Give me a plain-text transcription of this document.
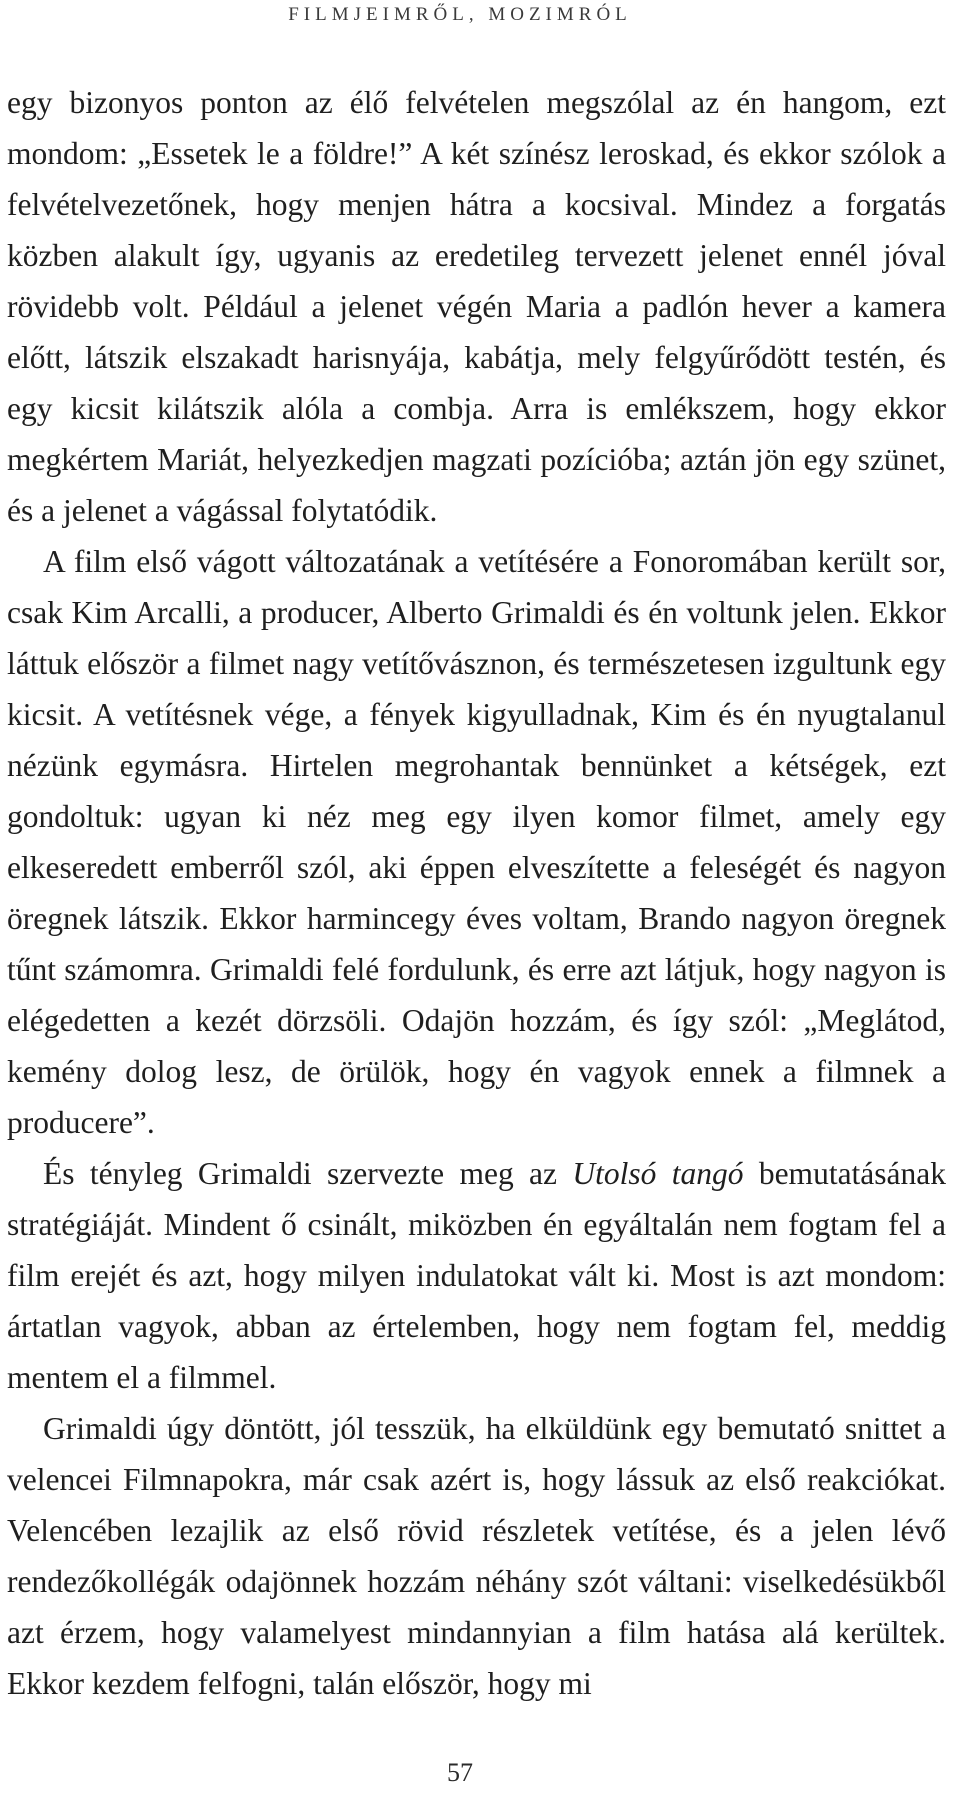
FILMJEIMRŐL, MOZIMRÓL

egy bizonyos ponton az élő felvételen megszólal az én hangom, ezt mondom: „Essetek le a földre!” A két színész leroskad, és ekkor szólok a felvételvezetőnek, hogy menjen hátra a kocsival. Mindez a forgatás közben alakult így, ugyanis az eredetileg tervezett jelenet ennél jóval rövidebb volt. Például a jelenet végén Maria a padlón hever a kamera előtt, látszik elszakadt harisnyája, kabátja, mely felgyűrődött testén, és egy kicsit kilátszik alóla a combja. Arra is emlékszem, hogy ekkor megkértem Mariát, helyezkedjen magzati pozícióba; aztán jön egy szünet, és a jelenet a vágással folytatódik.

A film első vágott változatának a vetítésére a Fonoromában került sor, csak Kim Arcalli, a producer, Alberto Grimaldi és én voltunk jelen. Ekkor láttuk először a filmet nagy vetítővásznon, és természetesen izgultunk egy kicsit. A vetítésnek vége, a fények kigyulladnak, Kim és én nyugtalanul nézünk egymásra. Hirtelen megrohantak bennünket a kétségek, ezt gondoltuk: ugyan ki néz meg egy ilyen komor filmet, amely egy elkeseredett emberről szól, aki éppen elveszítette a feleségét és nagyon öregnek látszik. Ekkor harmincegy éves voltam, Brando nagyon öregnek tűnt számomra. Grimaldi felé fordulunk, és erre azt látjuk, hogy nagyon is elégedetten a kezét dörzsöli. Odajön hozzám, és így szól: „Meglátod, kemény dolog lesz, de örülök, hogy én vagyok ennek a filmnek a producere”.

És tényleg Grimaldi szervezte meg az Utolsó tangó bemutatásának stratégiáját. Mindent ő csinált, miközben én egyáltalán nem fogtam fel a film erejét és azt, hogy milyen indulatokat vált ki. Most is azt mondom: ártatlan vagyok, abban az értelemben, hogy nem fogtam fel, meddig mentem el a filmmel.

Grimaldi úgy döntött, jól tesszük, ha elküldünk egy bemutató snittet a velencei Filmnapokra, már csak azért is, hogy lássuk az első reakciókat. Velencében lezajlik az első rövid részletek vetítése, és a jelen lévő rendezőkollégák odajönnek hozzám néhány szót váltani: viselkedésükből azt érzem, hogy valamelyest mindannyian a film hatása alá kerültek. Ekkor kezdem felfogni, talán először, hogy mi

57
